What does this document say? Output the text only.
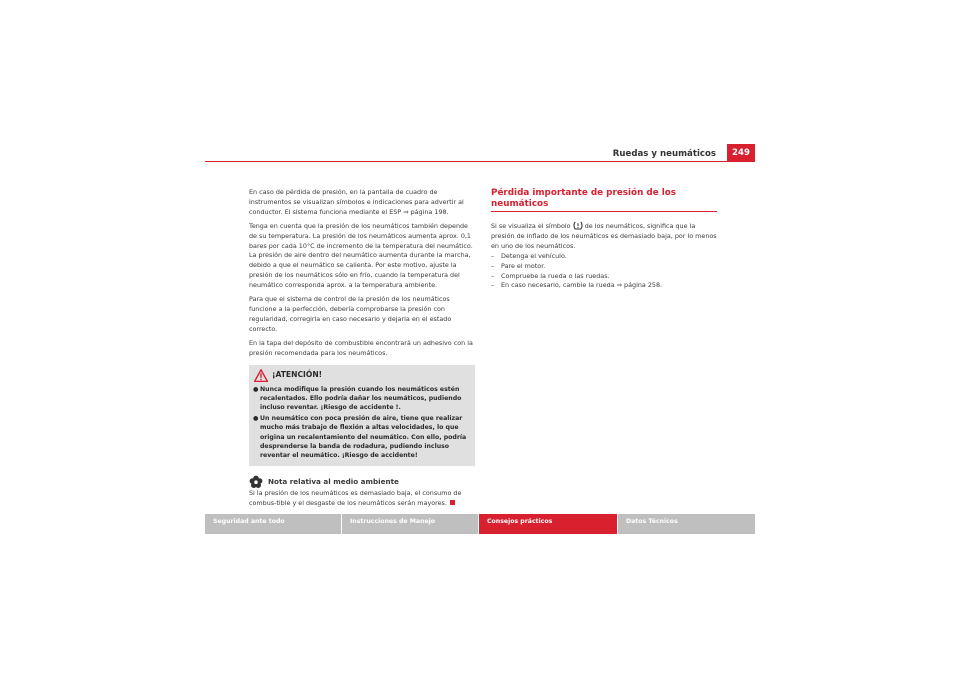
Ruedas y neumáticos	249

En caso de pérdida de presión, en la pantalla de cuadro de instrumentos se visualizan símbolos e indicaciones para advertir al conductor. El sistema funciona mediante el ESP ⇒ página 198.

Tenga en cuenta que la presión de los neumáticos también depende de su temperatura. La presión de los neumáticos aumenta aprox. 0,1 bares por cada 10°C de incremento de la temperatura del neumático. La presión de aire dentro del neumático aumenta durante la marcha, debido a que el neumático se calienta. Por este motivo, ajuste la presión de los neumáticos sólo en frío, cuando la temperatura del neumático corresponda aprox. a la temperatura ambiente.

Para que el sistema de control de la presión de los neumáticos funcione a la perfección, debería comprobarse la presión con regularidad, corregirla en caso necesario y dejarla en el estado correcto.

En la tapa del depósito de combustible encontrará un adhesivo con la presión recomendada para los neumáticos.

¡ATENCIÓN!
● Nunca modifique la presión cuando los neumáticos estén recalentados. Ello podría dañar los neumáticos, pudiendo incluso reventar. ¡Riesgo de accidente !.
● Un neumático con poca presión de aire, tiene que realizar mucho más trabajo de flexión a altas velocidades, lo que origina un recalentamiento del neumático. Con ello, podría desprenderse la banda de rodadura, pudiendo incluso reventar el neumático. ¡Riesgo de accidente!
Nota relativa al medio ambiente

Si la presión de los neumáticos es demasiado baja, el consumo de combus-tible y el desgaste de los neumáticos serán mayores.

Pérdida importante de presión de los neumáticos

Si se visualiza el símbolo de los neumáticos, significa que la presión de inflado de los neumáticos es demasiado baja, por lo menos en uno de los neumáticos.

–	Detenga el vehículo.
–	Pare el motor.
–	Compruebe la rueda o las ruedas.
–	En caso necesario, cambie la rueda ⇒ página 258.
Seguridad ante todo	Instrucciones de Manejo	Consejos prácticos	Datos Técnicos
